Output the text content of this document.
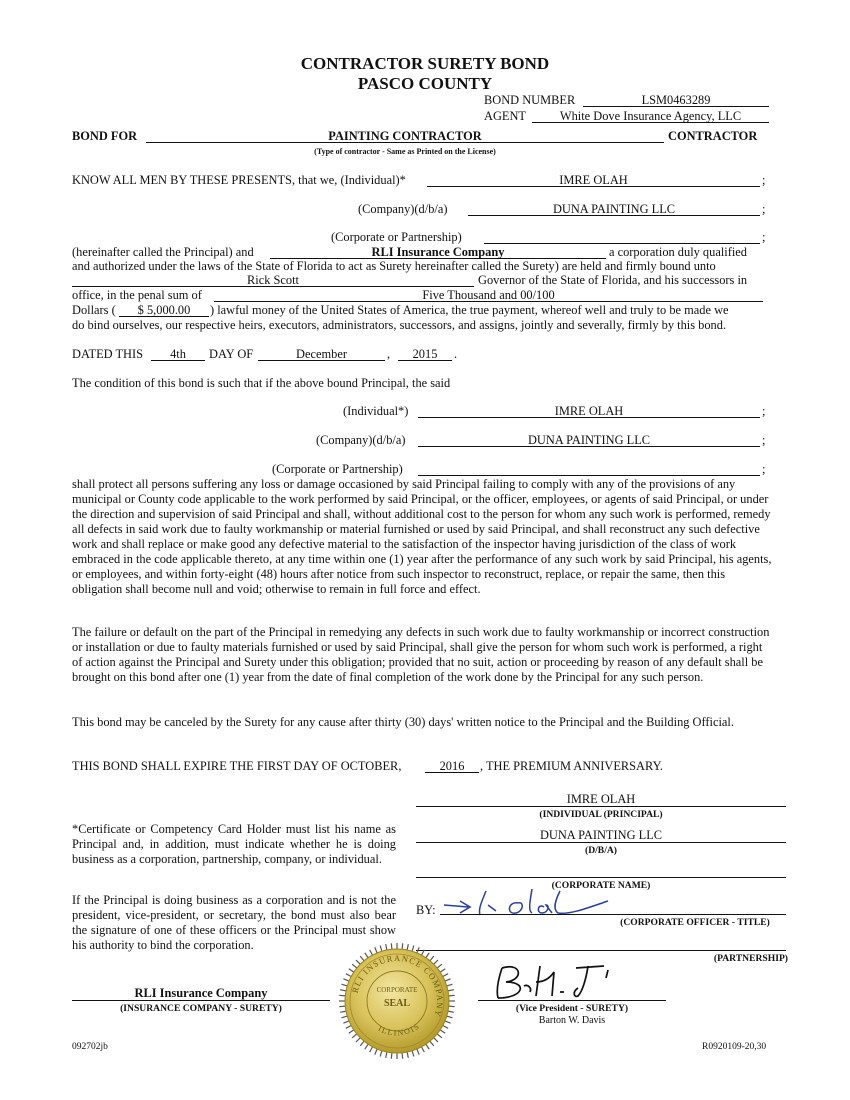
CONTRACTOR SURETY BOND
PASCO COUNTY
BOND NUMBER	LSM0463289
AGENT	White Dove Insurance Agency, LLC
BOND FOR	PAINTING CONTRACTOR	CONTRACTOR
(Type of contractor - Same as Printed on the License)
KNOW ALL MEN BY THESE PRESENTS, that we, (Individual)*	IMRE OLAH	;
(Company)(d/b/a)	DUNA PAINTING LLC	;
(Corporate or Partnership)	;
(hereinafter called the Principal) and	RLI Insurance Company	a corporation duly qualified
and authorized under the laws of the State of Florida to act as Surety hereinafter called the Surety) are held and firmly bound unto
Rick Scott	Governor of the State of Florida, and his successors in
office, in the penal sum of	Five Thousand and 00/100
Dollars (	$ 5,000.00	) lawful money of the United States of America, the true payment, whereof well and truly to be made we
do bind ourselves, our respective heirs, executors, administrators, successors, and assigns, jointly and severally, firmly by this bond.
DATED THIS	4th	DAY OF	December	,	2015	.
The condition of this bond is such that if the above bound Principal, the said
(Individual*)	IMRE OLAH	;
(Company)(d/b/a)	DUNA PAINTING LLC	;
(Corporate or Partnership)	;
shall protect all persons suffering any loss or damage occasioned by said Principal failing to comply with any of the provisions of any municipal or County code applicable to the work performed by said Principal, or the officer, employees, or agents of said Principal, or under the direction and supervision of said Principal and shall, without additional cost to the person for whom any such work is performed, remedy all defects in said work due to faulty workmanship or material furnished or used by said Principal, and shall reconstruct any such defective work and shall replace or make good any defective material to the satisfaction of the inspector having jurisdiction of the class of work embraced in the code applicable thereto, at any time within one (1) year after the performance of any such work by said Principal, his agents, or employees, and within forty-eight (48) hours after notice from such inspector to reconstruct, replace, or repair the same, then this obligation shall become null and void; otherwise to remain in full force and effect.
The failure or default on the part of the Principal in remedying any defects in such work due to faulty workmanship or incorrect construction or installation or due to faulty materials furnished or used by said Principal, shall give the person for whom such work is performed, a right of action against the Principal and Surety under this obligation; provided that no suit, action or proceeding by reason of any default shall be brought on this bond after one (1) year from the date of final completion of the work done by the Principal for any such person.
This bond may be canceled by the Surety for any cause after thirty (30) days' written notice to the Principal and the Building Official.
THIS BOND SHALL EXPIRE THE FIRST DAY OF OCTOBER,	2016	, THE PREMIUM ANNIVERSARY.
*Certificate or Competency Card Holder must list his name as Principal and, in addition, must indicate whether he is doing business as a corporation, partnership, company, or individual.
If the Principal is doing business as a corporation and is not the president, vice-president, or secretary, the bond must also bear the signature of one of these officers or the Principal must show his authority to bind the corporation.
IMRE OLAH
(INDIVIDUAL (PRINCIPAL)
DUNA PAINTING LLC
(D/B/A)
(CORPORATE NAME)
BY:
(CORPORATE OFFICER - TITLE)
(PARTNERSHIP)
RLI Insurance Company
(INSURANCE COMPANY - SURETY)	(Vice President - SURETY)
Barton W. Davis
RLI INSURANCE COMPANY
CORPORATE
SEAL
ILLINOIS
092702jb	R0920109-20,30
